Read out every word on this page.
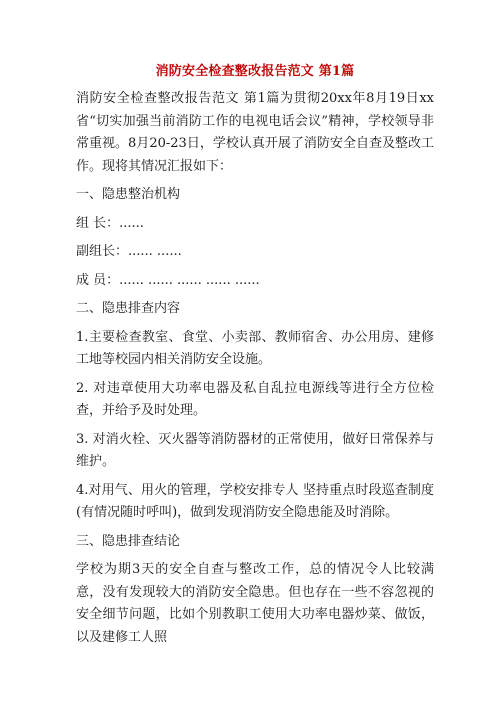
消防安全检查整改报告范文 第1篇
消防安全检查整改报告范文 第1篇为贯彻20xx年8月19日xx省“切实加强当前消防工作的电视电话会议”精神，学校领导非常重视。8月20-23日，学校认真开展了消防安全自查及整改工作。现将其情况汇报如下：
一、隐患整治机构
组 长：......
副组长：...... ......
成 员：...... ...... ...... ...... ......
二、隐患排查内容
1.主要检查教室、食堂、小卖部、教师宿舍、办公用房、建修工地等校园内相关消防安全设施。
2. 对违章使用大功率电器及私自乱拉电源线等进行全方位检查，并给予及时处理。
3. 对消火栓、灭火器等消防器材的正常使用，做好日常保养与维护。
4.对用气、用火的管理，学校安排专人 坚持重点时段巡查制度(有情况随时呼叫)，做到发现消防安全隐患能及时消除。
三、隐患排查结论
学校为期3天的安全自查与整改工作，总的情况令人比较满意，没有发现较大的消防安全隐患。但也存在一些不容忽视的安全细节问题，比如个别教职工使用大功率电器炒菜、做饭，以及建修工人照
